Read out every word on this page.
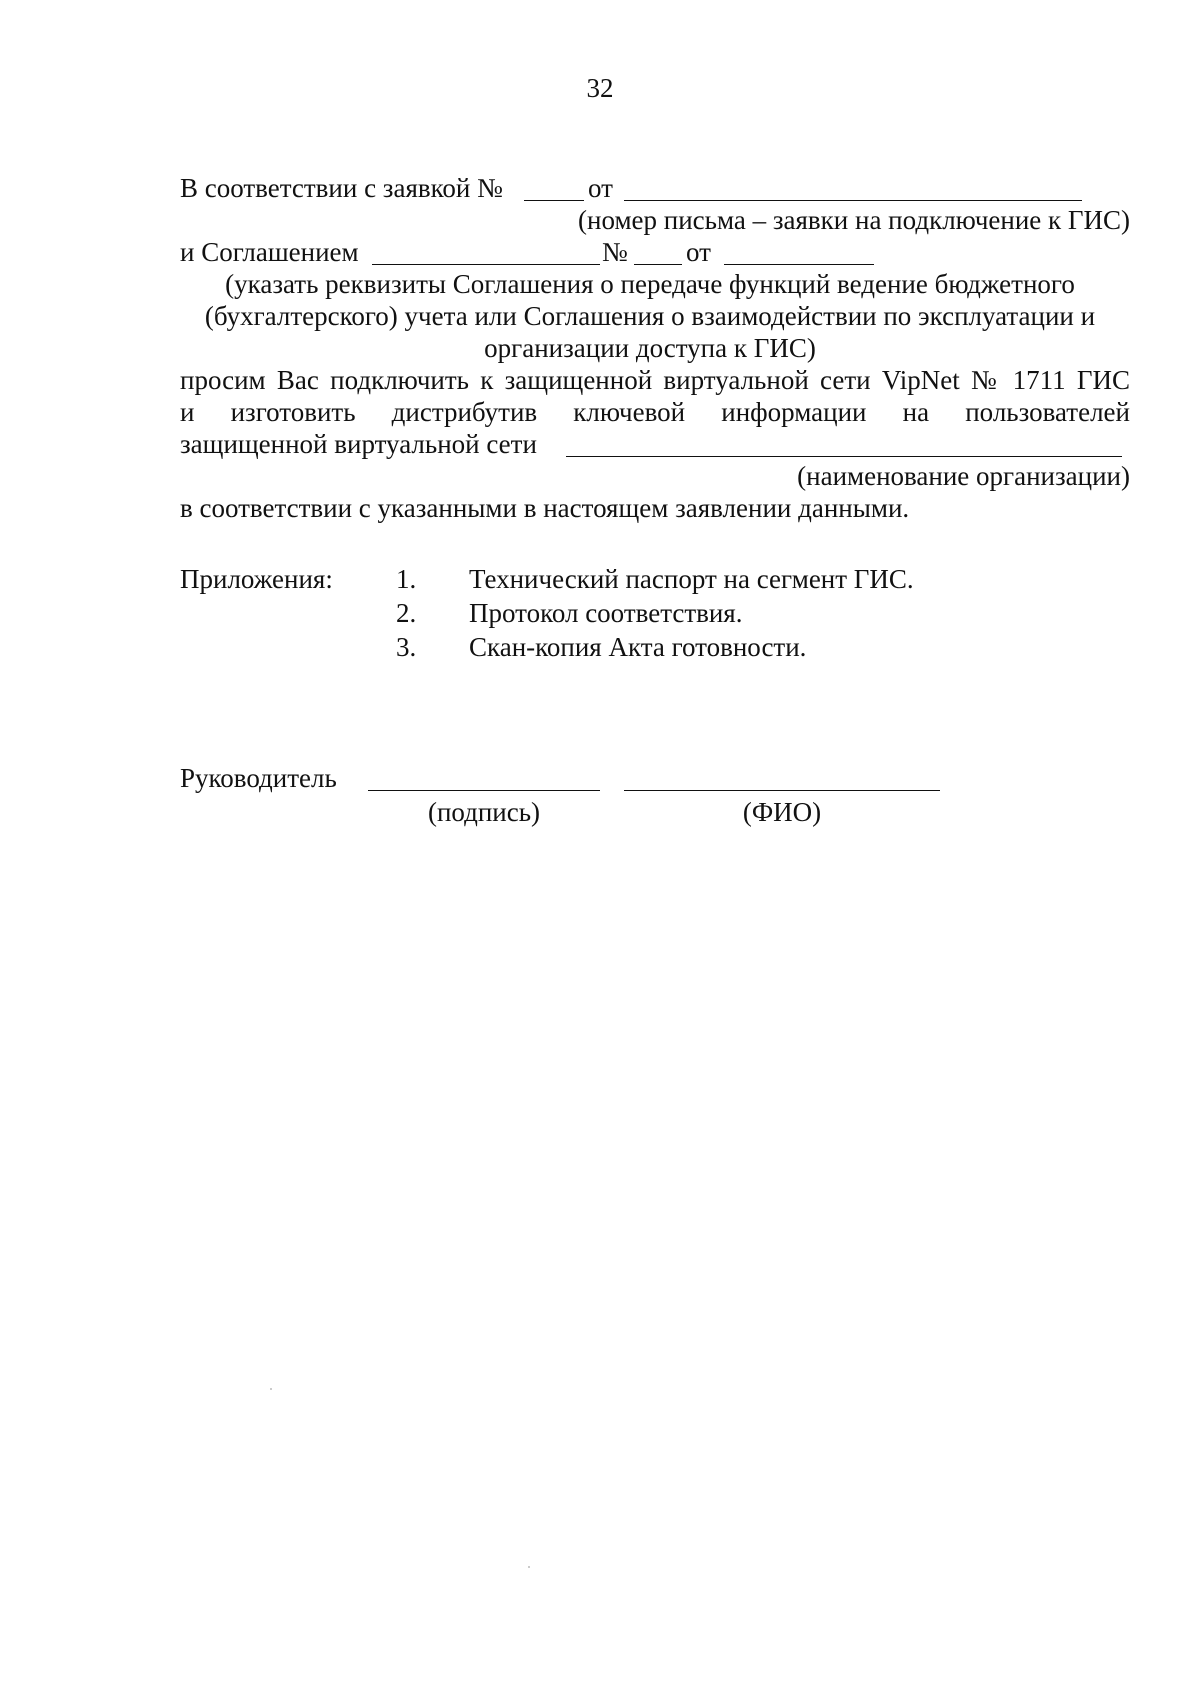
32
В соответствии с заявкой №	от
(номер письма – заявки на подключение к ГИС)
и Соглашением	№ от
(указать реквизиты Соглашения о передаче функций ведение бюджетного
(бухгалтерского) учета или Соглашения о взаимодействии по эксплуатации и
организации доступа к ГИС)
просим Вас подключить к защищенной виртуальной сети VipNet № 1711 ГИС
и изготовить дистрибутив ключевой информации на пользователей
защищенной виртуальной сети
(наименование организации)
в соответствии с указанными в настоящем заявлении данными.
Приложения: 1. Технический паспорт на сегмент ГИС.
2. Протокол соответствия.
3. Скан-копия Акта готовности.
Руководитель
(подпись)	(ФИО)
